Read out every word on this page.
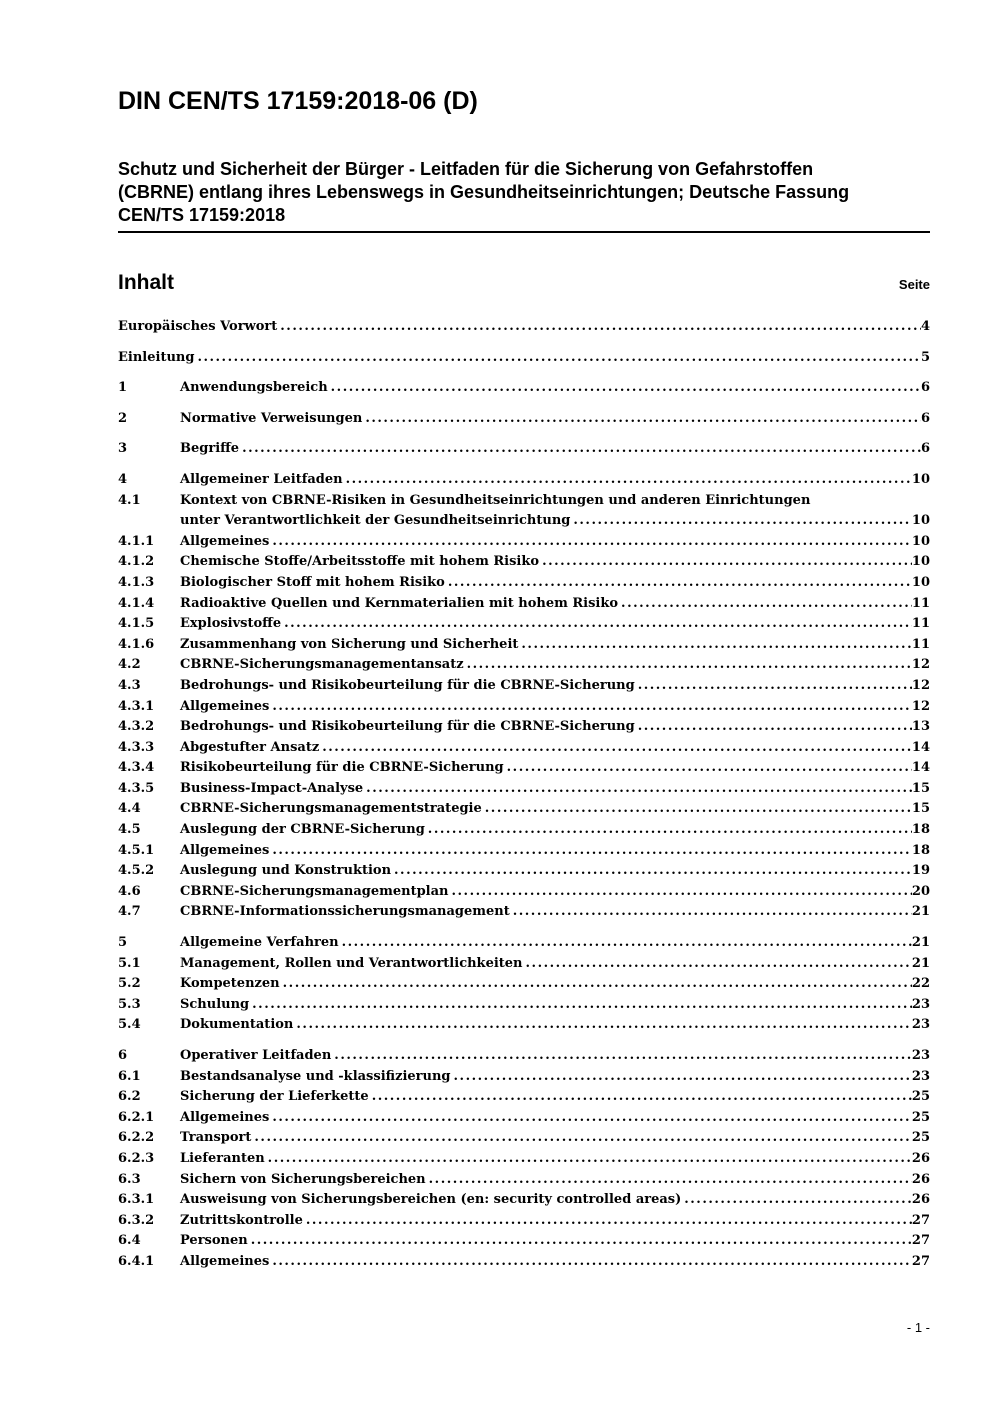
DIN CEN/TS 17159:2018-06 (D)
Schutz und Sicherheit der Bürger - Leitfaden für die Sicherung von Gefahrstoffen
(CBRNE) entlang ihres Lebenswegs in Gesundheitseinrichtungen; Deutsche Fassung
CEN/TS 17159:2018
Inhalt	Seite
Europäisches Vorwort .....	4
Einleitung .....	5
1	Anwendungsbereich .....	6
2	Normative Verweisungen .....	6
3	Begriffe .....	6
4	Allgemeiner Leitfaden .....	10
4.1	Kontext von CBRNE-Risiken in Gesundheitseinrichtungen und anderen Einrichtungen
unter Verantwortlichkeit der Gesundheitseinrichtung .....	10
4.1.1	Allgemeines .....	10
4.1.2	Chemische Stoffe/Arbeitsstoffe mit hohem Risiko .....	10
4.1.3	Biologischer Stoff mit hohem Risiko .....	10
4.1.4	Radioaktive Quellen und Kernmaterialien mit hohem Risiko .....	11
4.1.5	Explosivstoffe .....	11
4.1.6	Zusammenhang von Sicherung und Sicherheit .....	11
4.2	CBRNE-Sicherungsmanagementansatz .....	12
4.3	Bedrohungs- und Risikobeurteilung für die CBRNE-Sicherung .....	12
4.3.1	Allgemeines .....	12
4.3.2	Bedrohungs- und Risikobeurteilung für die CBRNE-Sicherung .....	13
4.3.3	Abgestufter Ansatz .....	14
4.3.4	Risikobeurteilung für die CBRNE-Sicherung .....	14
4.3.5	Business-Impact-Analyse .....	15
4.4	CBRNE-Sicherungsmanagementstrategie .....	15
4.5	Auslegung der CBRNE-Sicherung .....	18
4.5.1	Allgemeines .....	18
4.5.2	Auslegung und Konstruktion .....	19
4.6	CBRNE-Sicherungsmanagementplan .....	20
4.7	CBRNE-Informationssicherungsmanagement .....	21
5	Allgemeine Verfahren .....	21
5.1	Management, Rollen und Verantwortlichkeiten .....	21
5.2	Kompetenzen .....	22
5.3	Schulung .....	23
5.4	Dokumentation .....	23
6	Operativer Leitfaden .....	23
6.1	Bestandsanalyse und -klassifizierung .....	23
6.2	Sicherung der Lieferkette .....	25
6.2.1	Allgemeines .....	25
6.2.2	Transport .....	25
6.2.3	Lieferanten .....	26
6.3	Sichern von Sicherungsbereichen .....	26
6.3.1	Ausweisung von Sicherungsbereichen (en: security controlled areas) .....	26
6.3.2	Zutrittskontrolle .....	27
6.4	Personen .....	27
6.4.1	Allgemeines .....	27
- 1 -
